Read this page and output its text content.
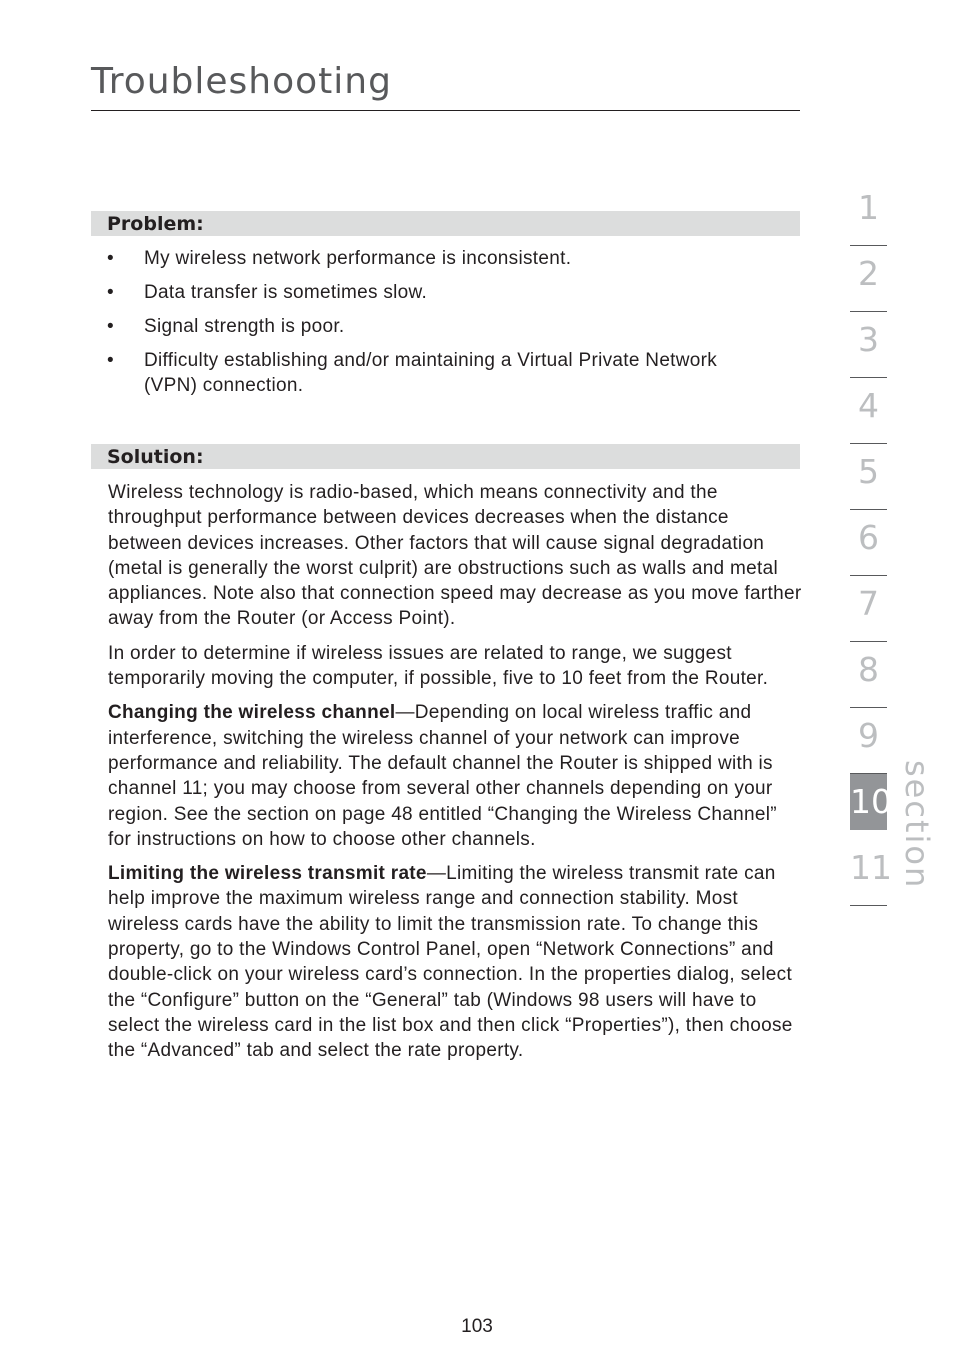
Troubleshooting
Problem:
• My wireless network performance is inconsistent.
• Data transfer is sometimes slow.
• Signal strength is poor.
• Difficulty establishing and/or maintaining a Virtual Private Network (VPN) connection.
Solution:

Wireless technology is radio-based, which means connectivity and the throughput performance between devices decreases when the distance between devices increases. Other factors that will cause signal degradation (metal is generally the worst culprit) are obstructions such as walls and metal appliances. Note also that connection speed may decrease as you move farther away from the Router (or Access Point).

In order to determine if wireless issues are related to range, we suggest temporarily moving the computer, if possible, five to 10 feet from the Router.

Changing the wireless channel—Depending on local wireless traffic and interference, switching the wireless channel of your network can improve performance and reliability. The default channel the Router is shipped with is channel 11; you may choose from several other channels depending on your region. See the section on page 48 entitled “Changing the Wireless Channel” for instructions on how to choose other channels.

Limiting the wireless transmit rate—Limiting the wireless transmit rate can help improve the maximum wireless range and connection stability. Most wireless cards have the ability to limit the transmission rate. To change this property, go to the Windows Control Panel, open “Network Connections” and double-click on your wireless card’s connection. In the properties dialog, select the “Configure” button on the “General” tab (Windows 98 users will have to select the wireless card in the list box and then click “Properties”), then choose the “Advanced” tab and select the rate property.

1
2
3
4
5
6
7
8
9
10
11 section
103
